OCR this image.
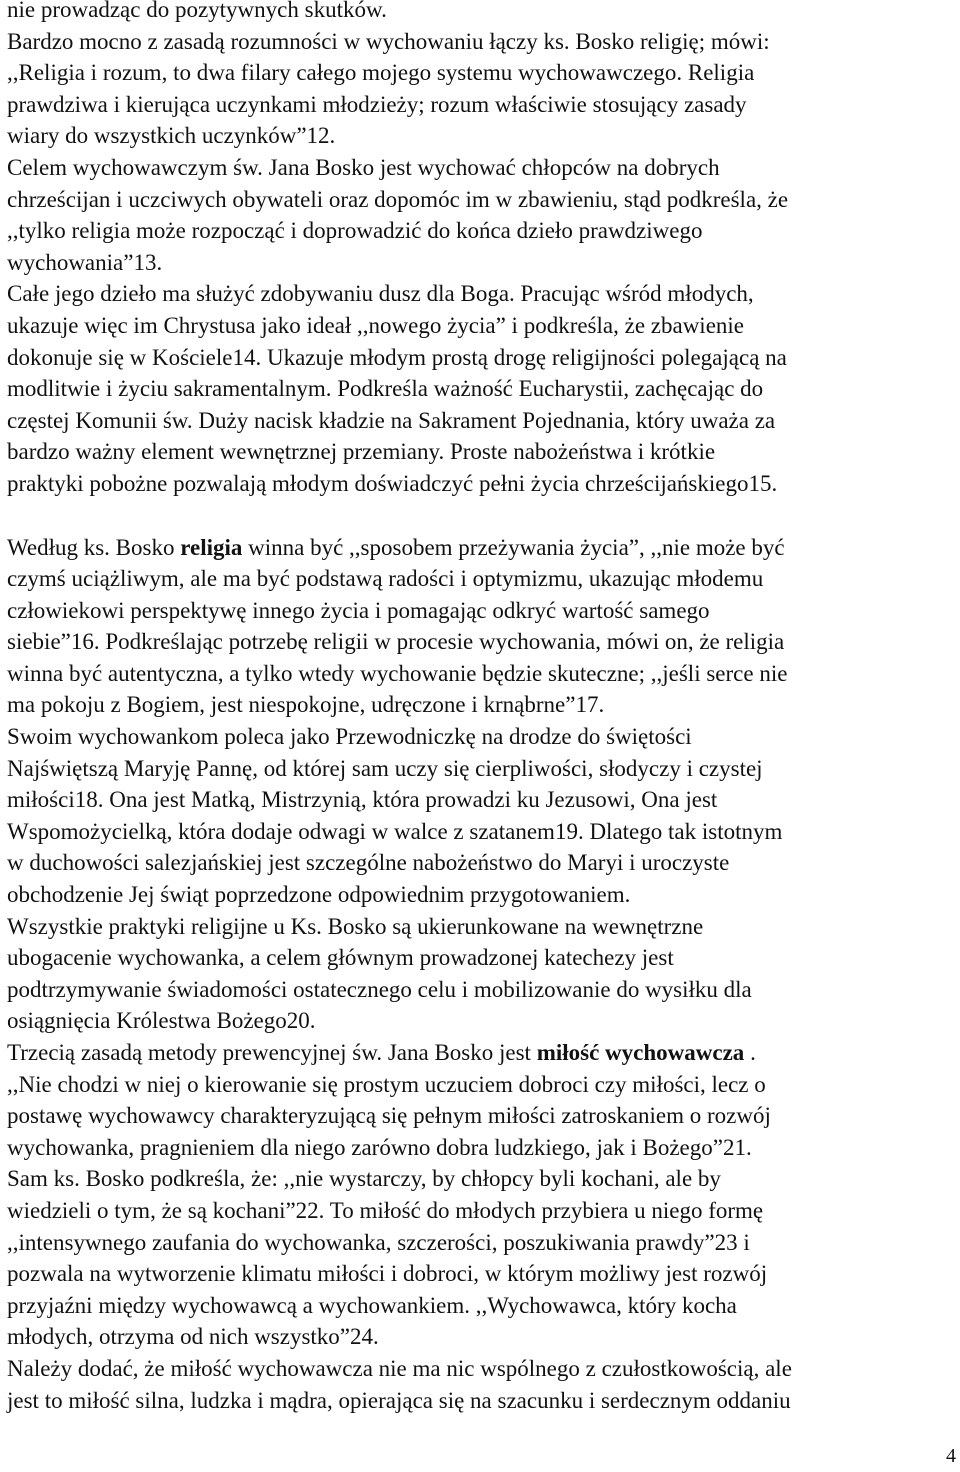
nie prowadząc do pozytywnych skutków.
Bardzo mocno z zasadą rozumności w wychowaniu łączy ks. Bosko religię; mówi:
,,Religia i rozum, to dwa filary całego mojego systemu wychowawczego. Religia
prawdziwa i kierująca uczynkami młodzieży; rozum właściwie stosujący zasady
wiary do wszystkich uczynków”12.
Celem wychowawczym św. Jana Bosko jest wychować chłopców na dobrych
chrześcijan i uczciwych obywateli oraz dopomóc im w zbawieniu, stąd podkreśla, że
,,tylko religia może rozpocząć i doprowadzić do końca dzieło prawdziwego
wychowania”13.
Całe jego dzieło ma służyć zdobywaniu dusz dla Boga. Pracując wśród młodych,
ukazuje więc im Chrystusa jako ideał ,,nowego życia” i podkreśla, że zbawienie
dokonuje się w Kościele14. Ukazuje młodym prostą drogę religijności polegającą na
modlitwie i życiu sakramentalnym. Podkreśla ważność Eucharystii, zachęcając do
częstej Komunii św. Duży nacisk kładzie na Sakrament Pojednania, który uważa za
bardzo ważny element wewnętrznej przemiany. Proste nabożeństwa i krótkie
praktyki pobożne pozwalają młodym doświadczyć pełni życia chrześcijańskiego15.
Według ks. Bosko religia winna być ,,sposobem przeżywania życia”, ,,nie może być
czymś uciążliwym, ale ma być podstawą radości i optymizmu, ukazując młodemu
człowiekowi perspektywę innego życia i pomagając odkryć wartość samego
siebie”16. Podkreślając potrzebę religii w procesie wychowania, mówi on, że religia
winna być autentyczna, a tylko wtedy wychowanie będzie skuteczne; ,,jeśli serce nie
ma pokoju z Bogiem, jest niespokojne, udręczone i krnąbrne”17.
Swoim wychowankom poleca jako Przewodniczkę na drodze do świętości
Najświętszą Maryję Pannę, od której sam uczy się cierpliwości, słodyczy i czystej
miłości18. Ona jest Matką, Mistrzynią, która prowadzi ku Jezusowi, Ona jest
Wspomożycielką, która dodaje odwagi w walce z szatanem19. Dlatego tak istotnym
w duchowości salezjańskiej jest szczególne nabożeństwo do Maryi i uroczyste
obchodzenie Jej świąt poprzedzone odpowiednim przygotowaniem.
Wszystkie praktyki religijne u Ks. Bosko są ukierunkowane na wewnętrzne
ubogacenie wychowanka, a celem głównym prowadzonej katechezy jest
podtrzymywanie świadomości ostatecznego celu i mobilizowanie do wysiłku dla
osiągnięcia Królestwa Bożego20.
Trzecią zasadą metody prewencyjnej św. Jana Bosko jest miłość wychowawcza .
,,Nie chodzi w niej o kierowanie się prostym uczuciem dobroci czy miłości, lecz o
postawę wychowawcy charakteryzującą się pełnym miłości zatroskaniem o rozwój
wychowanka, pragnieniem dla niego zarówno dobra ludzkiego, jak i Bożego”21.
Sam ks. Bosko podkreśla, że: ,,nie wystarczy, by chłopcy byli kochani, ale by
wiedzieli o tym, że są kochani”22. To miłość do młodych przybiera u niego formę
,,intensywnego zaufania do wychowanka, szczerości, poszukiwania prawdy”23 i
pozwala na wytworzenie klimatu miłości i dobroci, w którym możliwy jest rozwój
przyjaźni między wychowawcą a wychowankiem. ,,Wychowawca, który kocha
młodych, otrzyma od nich wszystko”24.
Należy dodać, że miłość wychowawcza nie ma nic wspólnego z czułostkowością, ale
jest to miłość silna, ludzka i mądra, opierająca się na szacunku i serdecznym oddaniu
4
